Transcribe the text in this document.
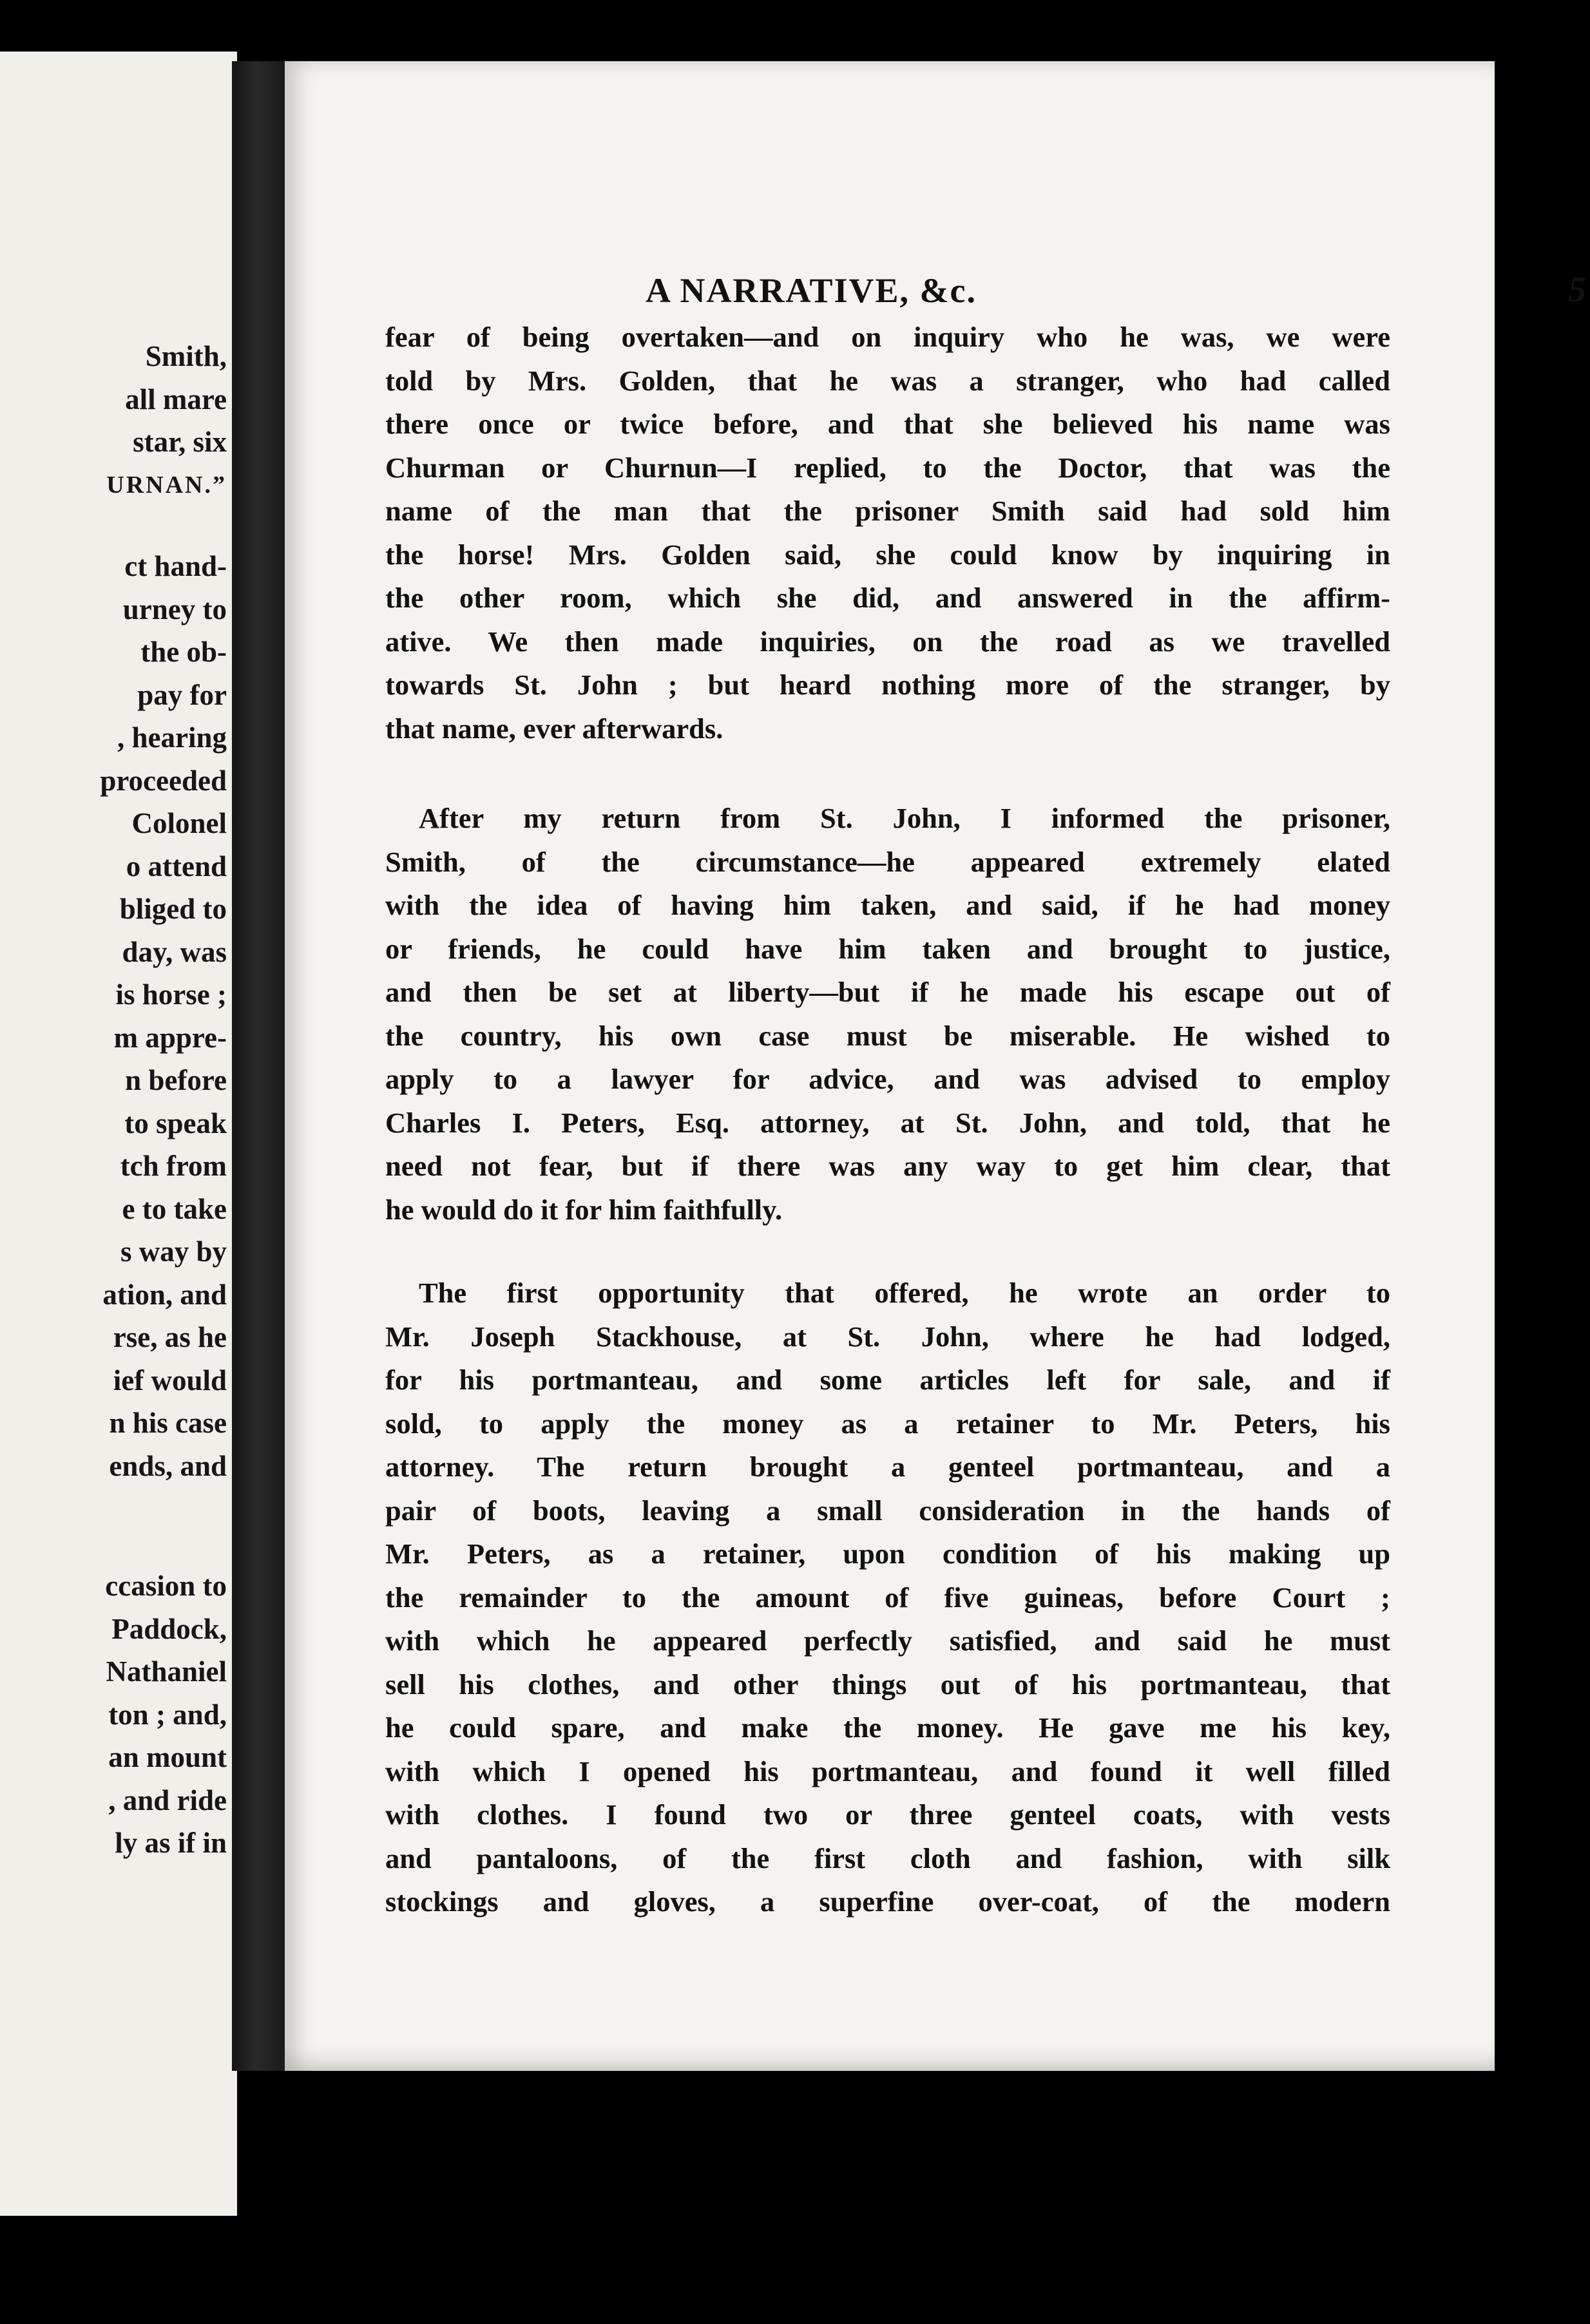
Smith,
all mare
star, six
URNAN.”
ct hand-
urney to
the ob-
pay for
, hearing
proceeded
Colonel
o attend
bliged to
day, was
is horse ;
m appre-
n before
to speak
tch from
e to take
s way by
ation, and
rse, as he
ief would
n his case
ends, and
ccasion to
Paddock,
Nathaniel
ton ; and,
an mount
, and ride
ly as if in
A NARRATIVE, &c.	5
fear of being overtaken—and on inquiry who he was, we were
told by Mrs. Golden, that he was a stranger, who had called
there once or twice before, and that she believed his name was
Churman or Churnun—I replied, to the Doctor, that was the
name of the man that the prisoner Smith said had sold him
the horse! Mrs. Golden said, she could know by inquiring in
the other room, which she did, and answered in the affirm-
ative. We then made inquiries, on the road as we travelled
towards St. John ; but heard nothing more of the stranger, by
that name, ever afterwards.
After my return from St. John, I informed the prisoner,
Smith, of the circumstance—he appeared extremely elated
with the idea of having him taken, and said, if he had money
or friends, he could have him taken and brought to justice,
and then be set at liberty—but if he made his escape out of
the country, his own case must be miserable. He wished to
apply to a lawyer for advice, and was advised to employ
Charles I. Peters, Esq. attorney, at St. John, and told, that he
need not fear, but if there was any way to get him clear, that
he would do it for him faithfully.
The first opportunity that offered, he wrote an order to
Mr. Joseph Stackhouse, at St. John, where he had lodged,
for his portmanteau, and some articles left for sale, and if
sold, to apply the money as a retainer to Mr. Peters, his
attorney. The return brought a genteel portmanteau, and a
pair of boots, leaving a small consideration in the hands of
Mr. Peters, as a retainer, upon condition of his making up
the remainder to the amount of five guineas, before Court ;
with which he appeared perfectly satisfied, and said he must
sell his clothes, and other things out of his portmanteau, that
he could spare, and make the money. He gave me his key,
with which I opened his portmanteau, and found it well filled
with clothes. I found two or three genteel coats, with vests
and pantaloons, of the first cloth and fashion, with silk
stockings and gloves, a superfine over-coat, of the modern
